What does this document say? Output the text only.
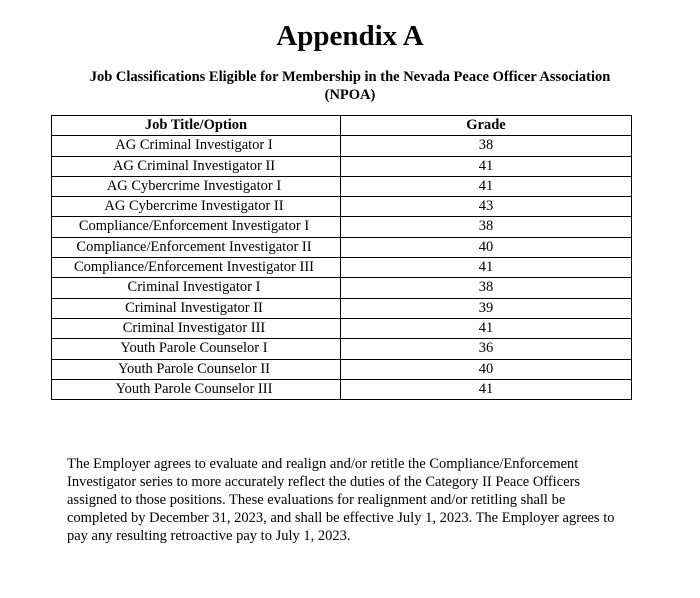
Appendix A
Job Classifications Eligible for Membership in the Nevada Peace Officer Association
(NPOA)
Job Title/Option	Grade
AG Criminal Investigator I	38
AG Criminal Investigator II	41
AG Cybercrime Investigator I	41
AG Cybercrime Investigator II	43
Compliance/Enforcement Investigator I	38
Compliance/Enforcement Investigator II	40
Compliance/Enforcement Investigator III	41
Criminal Investigator I	38
Criminal Investigator II	39
Criminal Investigator III	41
Youth Parole Counselor I	36
Youth Parole Counselor II	40
Youth Parole Counselor III	41
The Employer agrees to evaluate and realign and/or retitle the Compliance/Enforcement
Investigator series to more accurately reflect the duties of the Category II Peace Officers
assigned to those positions. These evaluations for realignment and/or retitling shall be
completed by December 31, 2023, and shall be effective July 1, 2023. The Employer agrees to
pay any resulting retroactive pay to July 1, 2023.
